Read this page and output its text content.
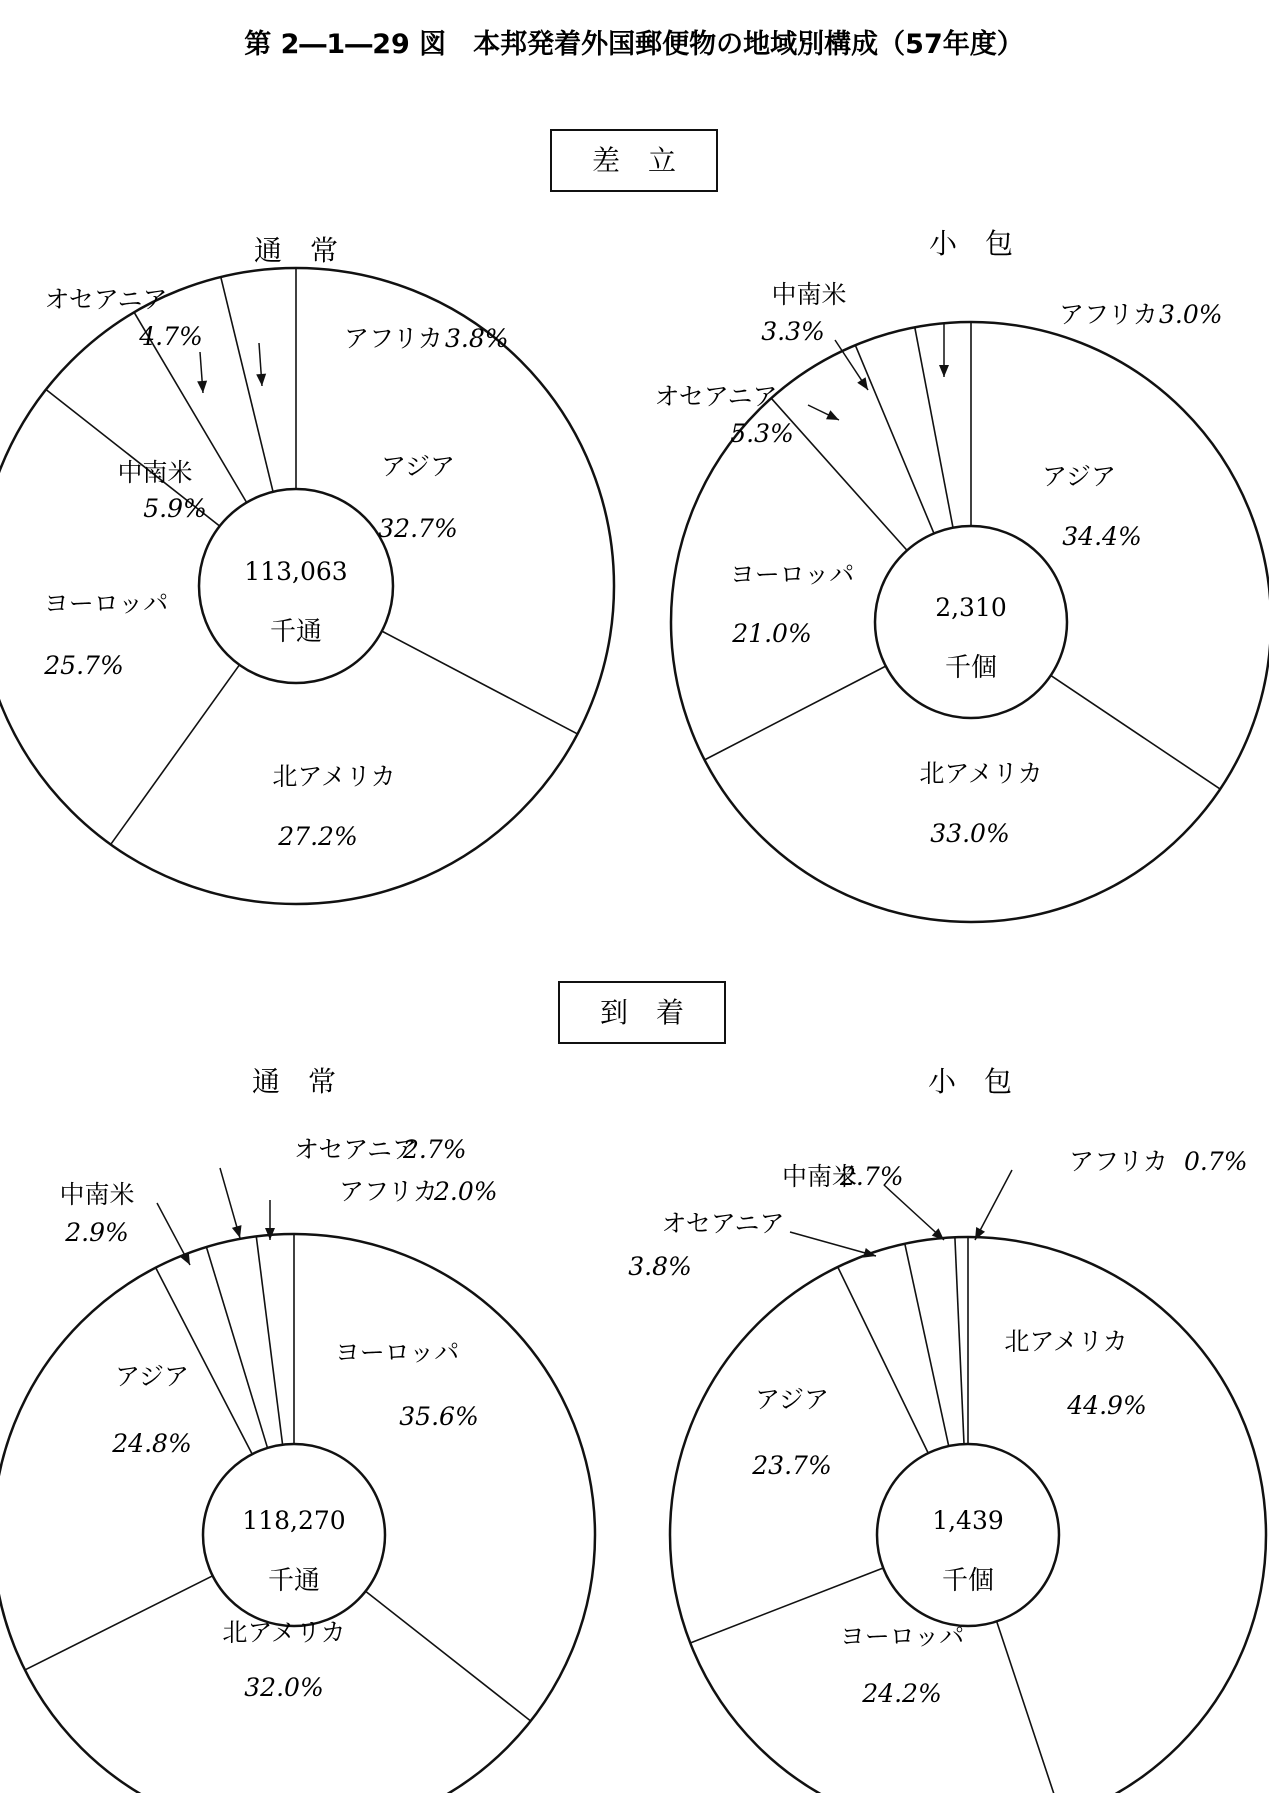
第 2―1―29 図　本邦発着外国郵便物の地域別構成（57年度）
差　立
到　着
通　常
113,063
千通
アジア
32.7%
北アメリカ
27.2%
ヨーロッパ
25.7%
中南米
5.9%
オセアニア
4.7%	アフリカ 3.8%
小　包
2,310
千個
アジア
34.4%
北アメリカ
33.0%
ヨーロッパ
21.0%
オセアニア
5.3%
中南米
3.3%
アフリカ 3.0%
通　常
118,270
千通
ヨーロッパ
35.6%
北アメリカ
32.0%
アジア
24.8%
中南米
2.9%
オセアニア
2.7%
アフリカ
2.0%
小　包
1,439
千個
北アメリカ
44.9%
ヨーロッパ
24.2%
アジア
23.7%
オセアニア
3.8%
中南米
2.7%
アフリカ 0.7%
